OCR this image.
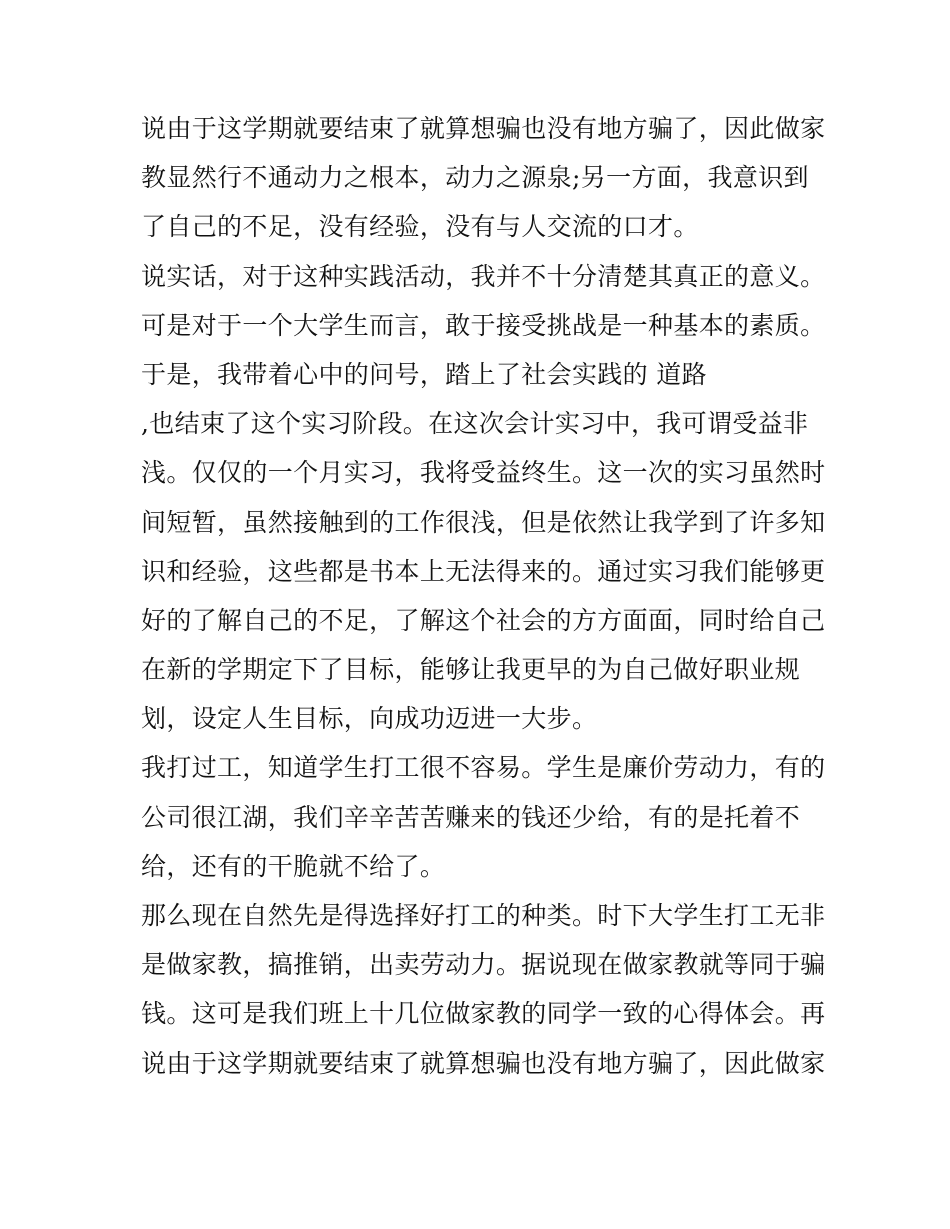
说由于这学期就要结束了就算想骗也没有地方骗了，因此做家
教显然行不通动力之根本，动力之源泉;另一方面，我意识到
了自己的不足，没有经验，没有与人交流的口才。
说实话，对于这种实践活动，我并不十分清楚其真正的意义。
可是对于一个大学生而言，敢于接受挑战是一种基本的素质。
于是，我带着心中的问号，踏上了社会实践的 道路
,也结束了这个实习阶段。在这次会计实习中，我可谓受益非
浅。仅仅的一个月实习，我将受益终生。这一次的实习虽然时
间短暂，虽然接触到的工作很浅，但是依然让我学到了许多知
识和经验，这些都是书本上无法得来的。通过实习我们能够更
好的了解自己的不足，了解这个社会的方方面面，同时给自己
在新的学期定下了目标，能够让我更早的为自己做好职业规
划，设定人生目标，向成功迈进一大步。
我打过工，知道学生打工很不容易。学生是廉价劳动力，有的
公司很江湖，我们辛辛苦苦赚来的钱还少给，有的是托着不
给，还有的干脆就不给了。
那么现在自然先是得选择好打工的种类。时下大学生打工无非
是做家教，搞推销，出卖劳动力。据说现在做家教就等同于骗
钱。这可是我们班上十几位做家教的同学一致的心得体会。再
说由于这学期就要结束了就算想骗也没有地方骗了，因此做家
